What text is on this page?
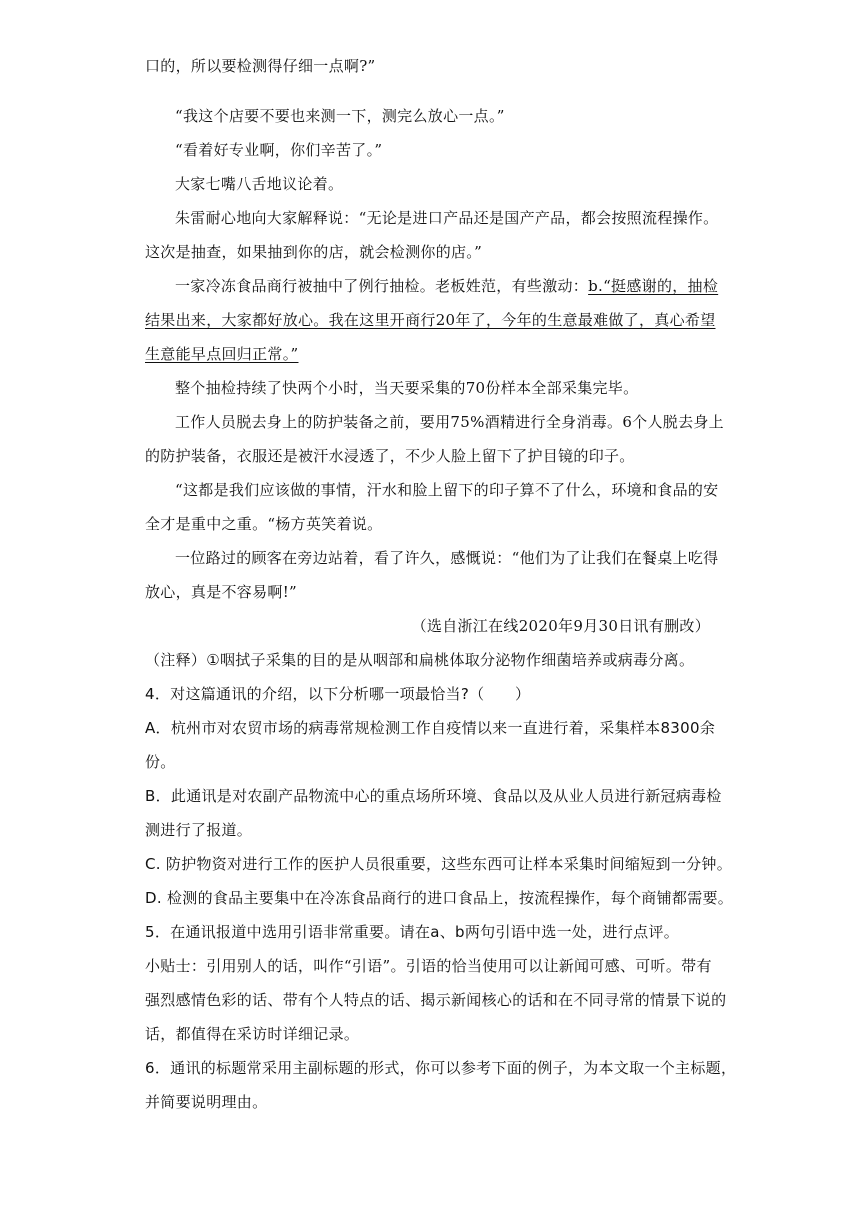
口的，所以要检测得仔细一点啊?”
“我这个店要不要也来测一下，测完么放心一点。”
“看着好专业啊，你们辛苦了。”
大家七嘴八舌地议论着。
朱雷耐心地向大家解释说：“无论是进口产品还是国产产品，都会按照流程操作。
这次是抽查，如果抽到你的店，就会检测你的店。”
一家冷冻食品商行被抽中了例行抽检。老板姓范，有些激动：b.“挺感谢的，抽检
结果出来，大家都好放心。我在这里开商行20年了，今年的生意最难做了，真心希望
生意能早点回归正常。”
整个抽检持续了快两个小时，当天要采集的70份样本全部采集完毕。
工作人员脱去身上的防护装备之前，要用75%酒精进行全身消毒。6个人脱去身上
的防护装备，衣服还是被汗水浸透了，不少人脸上留下了护目镜的印子。
“这都是我们应该做的事情，汗水和脸上留下的印子算不了什么，环境和食品的安
全才是重中之重。“杨方英笑着说。
一位路过的顾客在旁边站着，看了许久，感慨说：“他们为了让我们在餐桌上吃得
放心，真是不容易啊!”
（选自浙江在线2020年9月30日讯有删改）
（注释）①咽拭子采集的目的是从咽部和扁桃体取分泌物作细菌培养或病毒分离。
4．对这篇通讯的介绍，以下分析哪一项最恰当?（　　）
A．杭州市对农贸市场的病毒常规检测工作自疫情以来一直进行着，采集样本8300余
份。
B．此通讯是对农副产品物流中心的重点场所环境、食品以及从业人员进行新冠病毒检
测进行了报道。
C. 防护物资对进行工作的医护人员很重要，这些东西可让样本采集时间缩短到一分钟。
D. 检测的食品主要集中在冷冻食品商行的进口食品上，按流程操作，每个商铺都需要。
5．在通讯报道中选用引语非常重要。请在a、b两句引语中选一处，进行点评。
小贴士：引用别人的话，叫作“引语”。引语的恰当使用可以让新闻可感、可听。带有
强烈感情色彩的话、带有个人特点的话、揭示新闻核心的话和在不同寻常的情景下说的
话，都值得在采访时详细记录。
6．通讯的标题常采用主副标题的形式，你可以参考下面的例子，为本文取一个主标题，
并简要说明理由。
